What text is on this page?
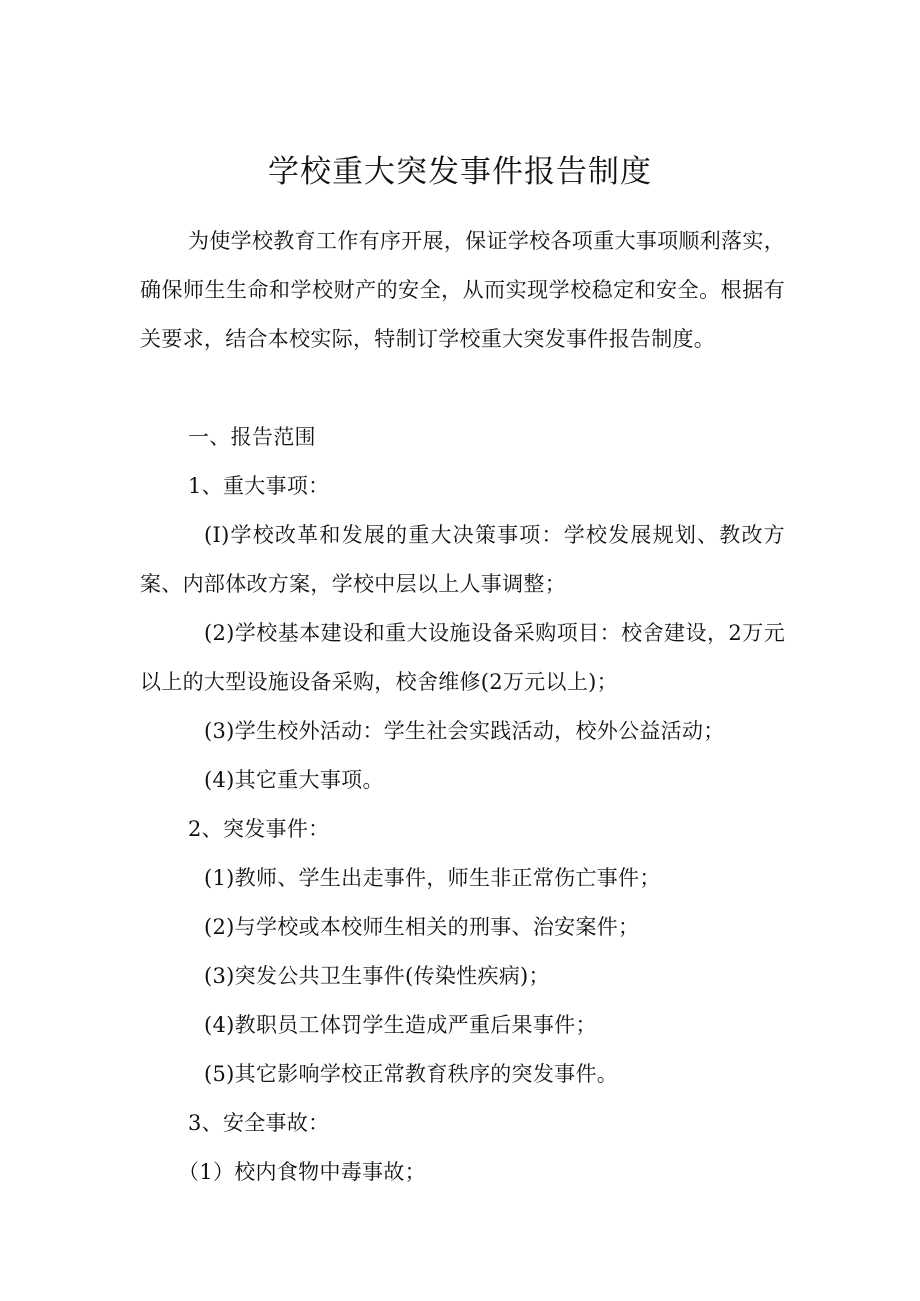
学校重大突发事件报告制度

为使学校教育工作有序开展，保证学校各项重大事项顺利落实，确保师生生命和学校财产的安全，从而实现学校稳定和安全。根据有关要求，结合本校实际，特制订学校重大突发事件报告制度。

一、报告范围

1、重大事项：

(I)学校改革和发展的重大决策事项：学校发展规划、教改方案、内部体改方案，学校中层以上人事调整；

(2)学校基本建设和重大设施设备采购项目：校舍建设，2万元以上的大型设施设备采购，校舍维修(2万元以上)；

(3)学生校外活动：学生社会实践活动，校外公益活动；

(4)其它重大事项。

2、突发事件：

(1)教师、学生出走事件，师生非正常伤亡事件；

(2)与学校或本校师生相关的刑事、治安案件；

(3)突发公共卫生事件(传染性疾病)；

(4)教职员工体罚学生造成严重后果事件；

(5)其它影响学校正常教育秩序的突发事件。

3、安全事故：

（1）校内食物中毒事故；
